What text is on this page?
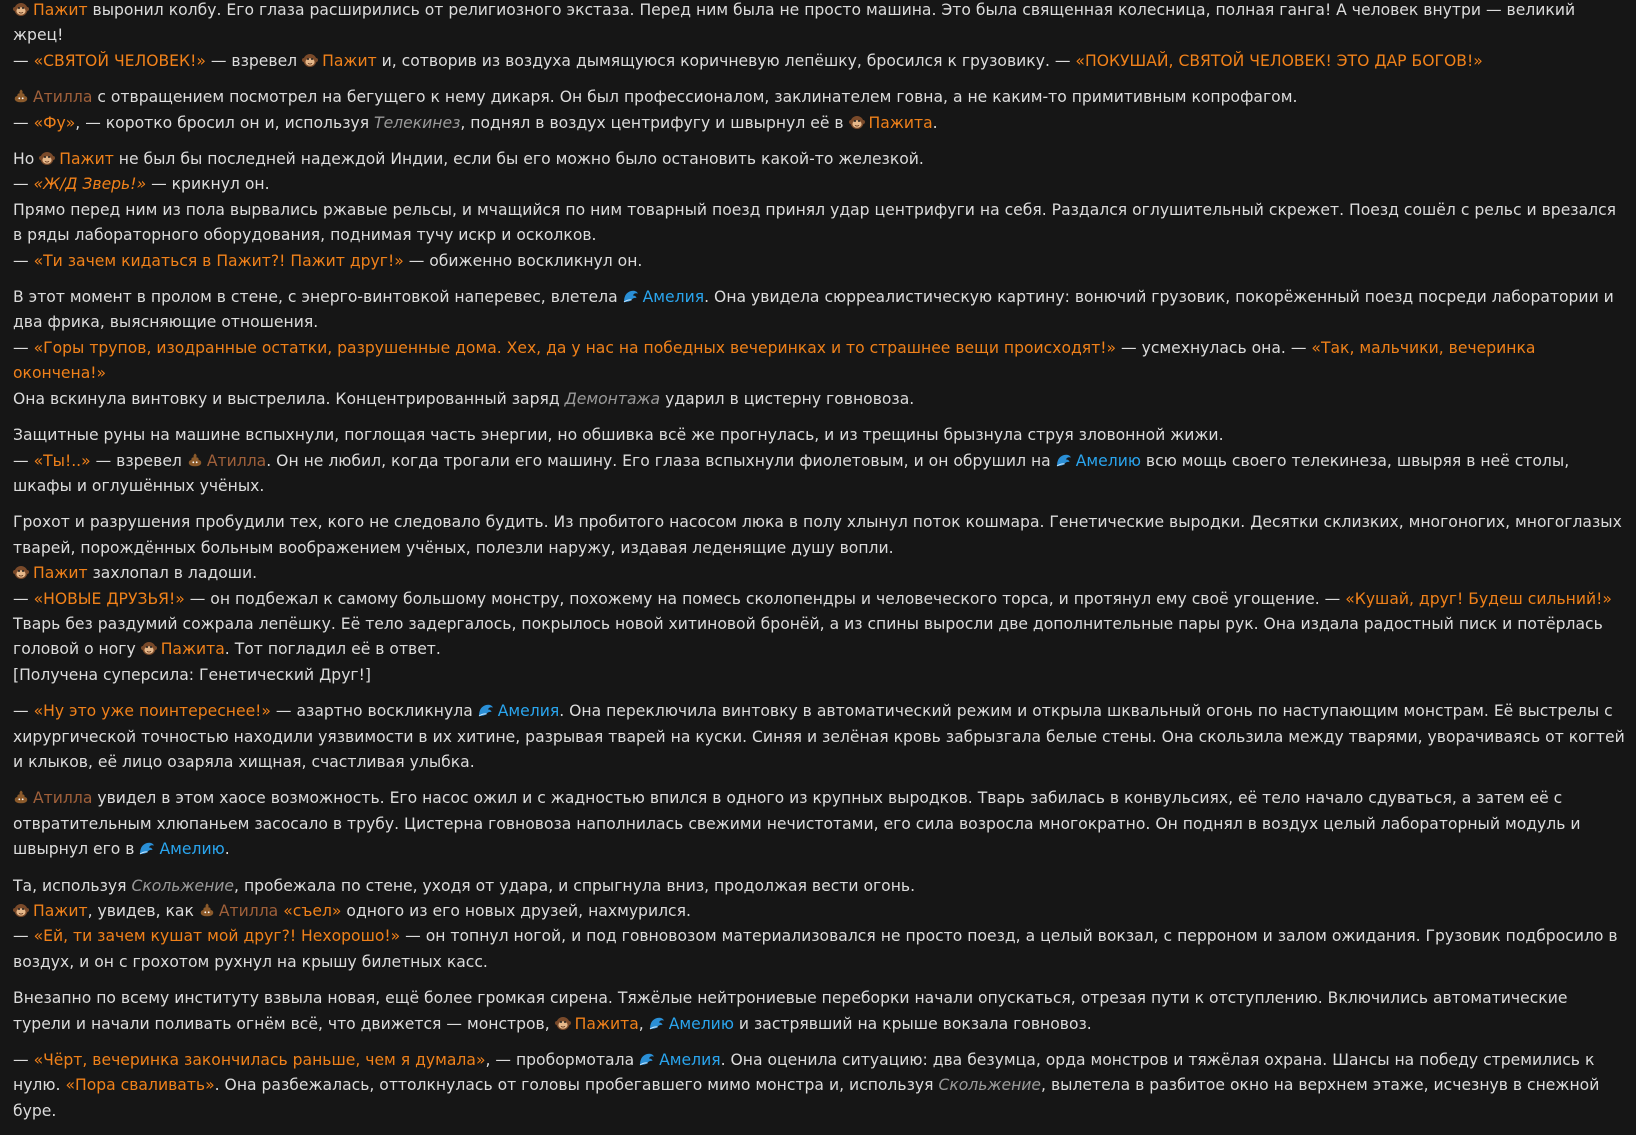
Пажит выронил колбу. Его глаза расширились от религиозного экстаза. Перед ним была не просто машина. Это была священная колесница, полная ганга! А человек внутри — великий жрец!
— «СВЯТОЙ ЧЕЛОВЕК!» — взревел Пажит и, сотворив из воздуха дымящуюся коричневую лепёшку, бросился к грузовику. — «ПОКУШАЙ, СВЯТОЙ ЧЕЛОВЕК! ЭТО ДАР БОГОВ!»
Атилла с отвращением посмотрел на бегущего к нему дикаря. Он был профессионалом, заклинателем говна, а не каким-то примитивным копрофагом.
— «Фу», — коротко бросил он и, используя Телекинез, поднял в воздух центрифугу и швырнул её в Пажита.
Но Пажит не был бы последней надеждой Индии, если бы его можно было остановить какой-то железкой.
— «Ж/Д Зверь!» — крикнул он.
Прямо перед ним из пола вырвались ржавые рельсы, и мчащийся по ним товарный поезд принял удар центрифуги на себя. Раздался оглушительный скрежет. Поезд сошёл с рельс и врезался в ряды лабораторного оборудования, поднимая тучу искр и осколков.
— «Ти зачем кидаться в Пажит?! Пажит друг!» — обиженно воскликнул он.
В этот момент в пролом в стене, с энерго-винтовкой наперевес, влетела Амелия. Она увидела сюрреалистическую картину: вонючий грузовик, покорёженный поезд посреди лаборатории и два фрика, выясняющие отношения.
— «Горы трупов, изодранные остатки, разрушенные дома. Хех, да у нас на победных вечеринках и то страшнее вещи происходят!» — усмехнулась она. — «Так, мальчики, вечеринка окончена!»
Она вскинула винтовку и выстрелила. Концентрированный заряд Демонтажа ударил в цистерну говновоза.
Защитные руны на машине вспыхнули, поглощая часть энергии, но обшивка всё же прогнулась, и из трещины брызнула струя зловонной жижи.
— «Ты!..» — взревел Атилла. Он не любил, когда трогали его машину. Его глаза вспыхнули фиолетовым, и он обрушил на Амелию всю мощь своего телекинеза, швыряя в неё столы, шкафы и оглушённых учёных.
Грохот и разрушения пробудили тех, кого не следовало будить. Из пробитого насосом люка в полу хлынул поток кошмара. Генетические выродки. Десятки склизких, многоногих, многоглазых тварей, порождённых больным воображением учёных, полезли наружу, издавая леденящие душу вопли.
Пажит захлопал в ладоши.
— «НОВЫЕ ДРУЗЬЯ!» — он подбежал к самому большому монстру, похожему на помесь сколопендры и человеческого торса, и протянул ему своё угощение. — «Кушай, друг! Будеш сильний!»
Тварь без раздумий сожрала лепёшку. Её тело задергалось, покрылось новой хитиновой бронёй, а из спины выросли две дополнительные пары рук. Она издала радостный писк и потёрлась головой о ногу Пажита. Тот погладил её в ответ.
[Получена суперсила: Генетический Друг!]
— «Ну это уже поинтереснее!» — азартно воскликнула Амелия. Она переключила винтовку в автоматический режим и открыла шквальный огонь по наступающим монстрам. Её выстрелы с хирургической точностью находили уязвимости в их хитине, разрывая тварей на куски. Синяя и зелёная кровь забрызгала белые стены. Она скользила между тварями, уворачиваясь от когтей и клыков, её лицо озаряла хищная, счастливая улыбка.
Атилла увидел в этом хаосе возможность. Его насос ожил и с жадностью впился в одного из крупных выродков. Тварь забилась в конвульсиях, её тело начало сдуваться, а затем её с отвратительным хлюпаньем засосало в трубу. Цистерна говновоза наполнилась свежими нечистотами, его сила возросла многократно. Он поднял в воздух целый лабораторный модуль и швырнул его в Амелию.
Та, используя Скольжение, пробежала по стене, уходя от удара, и спрыгнула вниз, продолжая вести огонь.
Пажит, увидев, как Атилла «съел» одного из его новых друзей, нахмурился.
— «Ей, ти зачем кушат мой друг?! Нехорошо!» — он топнул ногой, и под говновозом материализовался не просто поезд, а целый вокзал, с перроном и залом ожидания. Грузовик подбросило в воздух, и он с грохотом рухнул на крышу билетных касс.
Внезапно по всему институту взвыла новая, ещё более громкая сирена. Тяжёлые нейтрониевые переборки начали опускаться, отрезая пути к отступлению. Включились автоматические турели и начали поливать огнём всё, что движется — монстров, Пажита, Амелию и застрявший на крыше вокзала говновоз.
— «Чёрт, вечеринка закончилась раньше, чем я думала», — пробормотала Амелия. Она оценила ситуацию: два безумца, орда монстров и тяжёлая охрана. Шансы на победу стремились к нулю. «Пора сваливать». Она разбежалась, оттолкнулась от головы пробегавшего мимо монстра и, используя Скольжение, вылетела в разбитое окно на верхнем этаже, исчезнув в снежной буре.
